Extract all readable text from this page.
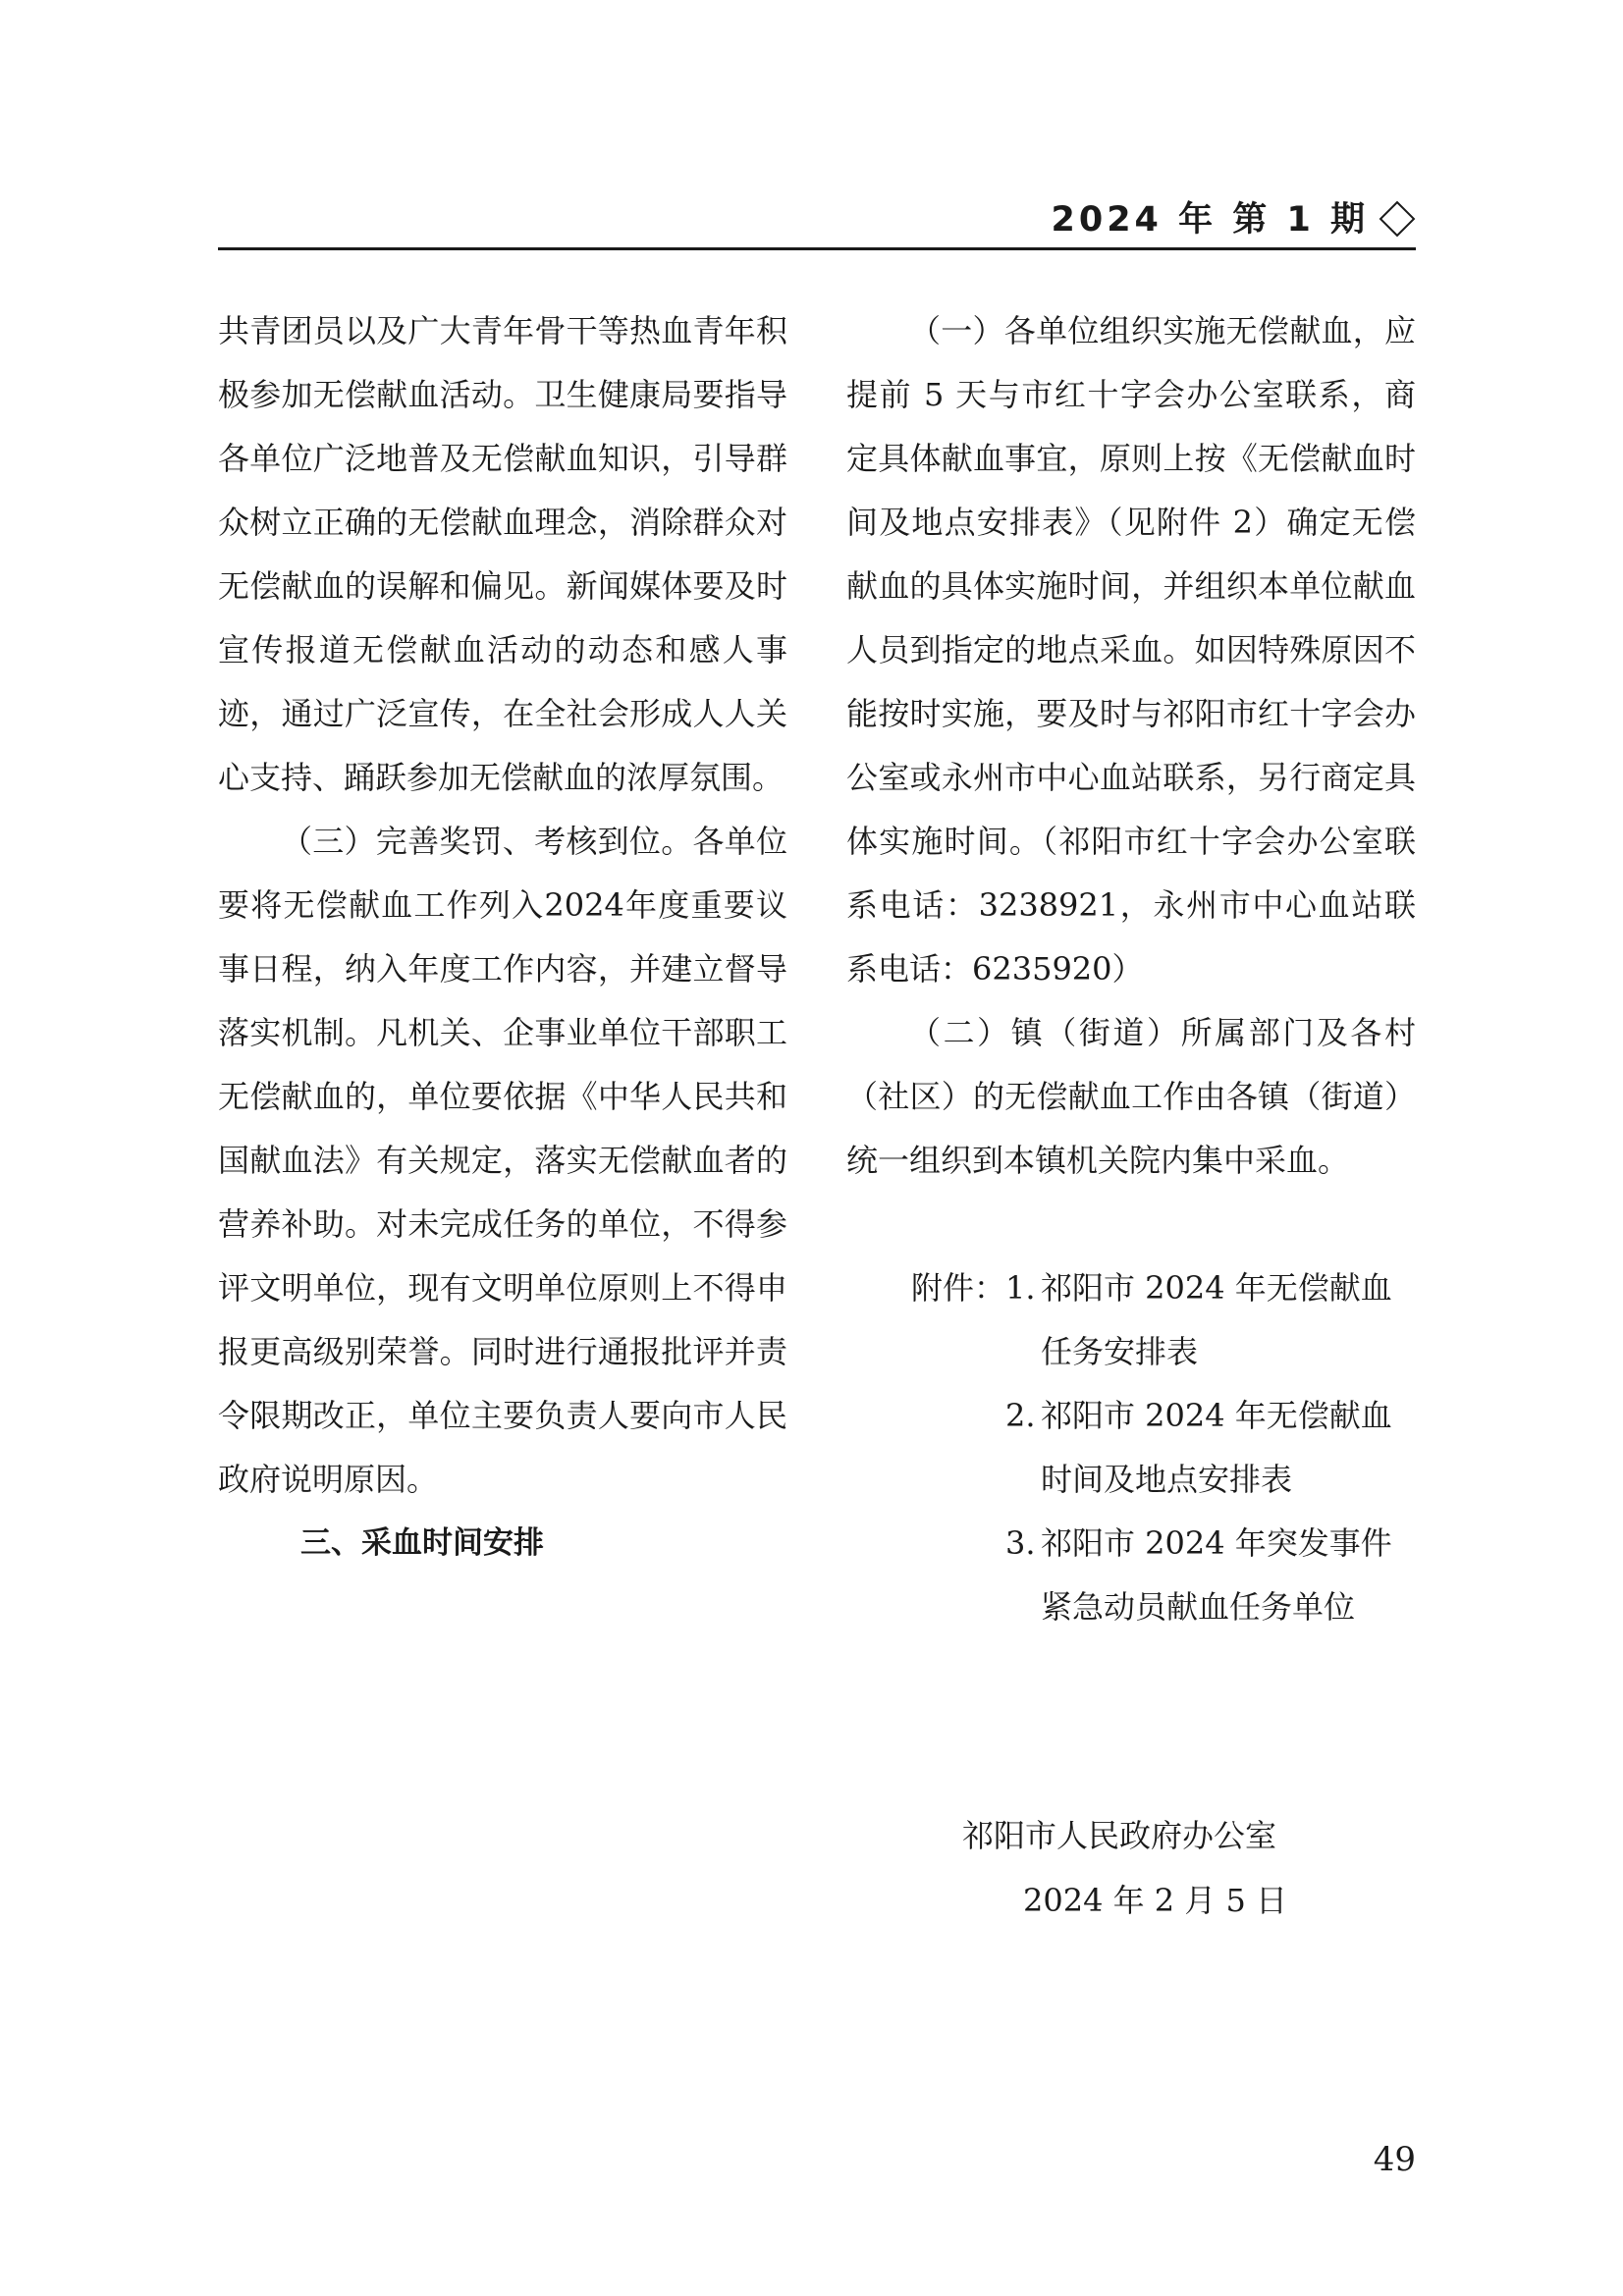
2024 年 第 1 期

共青团员以及广大青年骨干等热血青年积极参加无偿献血活动。卫生健康局要指导各单位广泛地普及无偿献血知识，引导群众树立正确的无偿献血理念，消除群众对无偿献血的误解和偏见。新闻媒体要及时宣传报道无偿献血活动的动态和感人事迹，通过广泛宣传，在全社会形成人人关心支持、踊跃参加无偿献血的浓厚氛围。

（三）完善奖罚、考核到位。各单位要将无偿献血工作列入2024年度重要议事日程，纳入年度工作内容，并建立督导落实机制。凡机关、企事业单位干部职工无偿献血的，单位要依据《中华人民共和国献血法》有关规定，落实无偿献血者的营养补助。对未完成任务的单位，不得参评文明单位，现有文明单位原则上不得申报更高级别荣誉。同时进行通报批评并责令限期改正，单位主要负责人要向市人民政府说明原因。

三、采血时间安排

（一）各单位组织实施无偿献血，应提前 5 天与市红十字会办公室联系，商定具体献血事宜，原则上按《无偿献血时间及地点安排表》（见附件 2）确定无偿献血的具体实施时间，并组织本单位献血人员到指定的地点采血。如因特殊原因不能按时实施，要及时与祁阳市红十字会办公室或永州市中心血站联系，另行商定具体实施时间。（祁阳市红十字会办公室联系电话：3238921，永州市中心血站联系电话：6235920）

（二）镇（街道）所属部门及各村（社区）的无偿献血工作由各镇（街道）统一组织到本镇机关院内集中采血。

附件： 1. 祁阳市 2024 年无偿献血任务安排表
2. 祁阳市 2024 年无偿献血时间及地点安排表
3. 祁阳市 2024 年突发事件紧急动员献血任务单位
祁阳市人民政府办公室
2024 年 2 月 5 日
49
